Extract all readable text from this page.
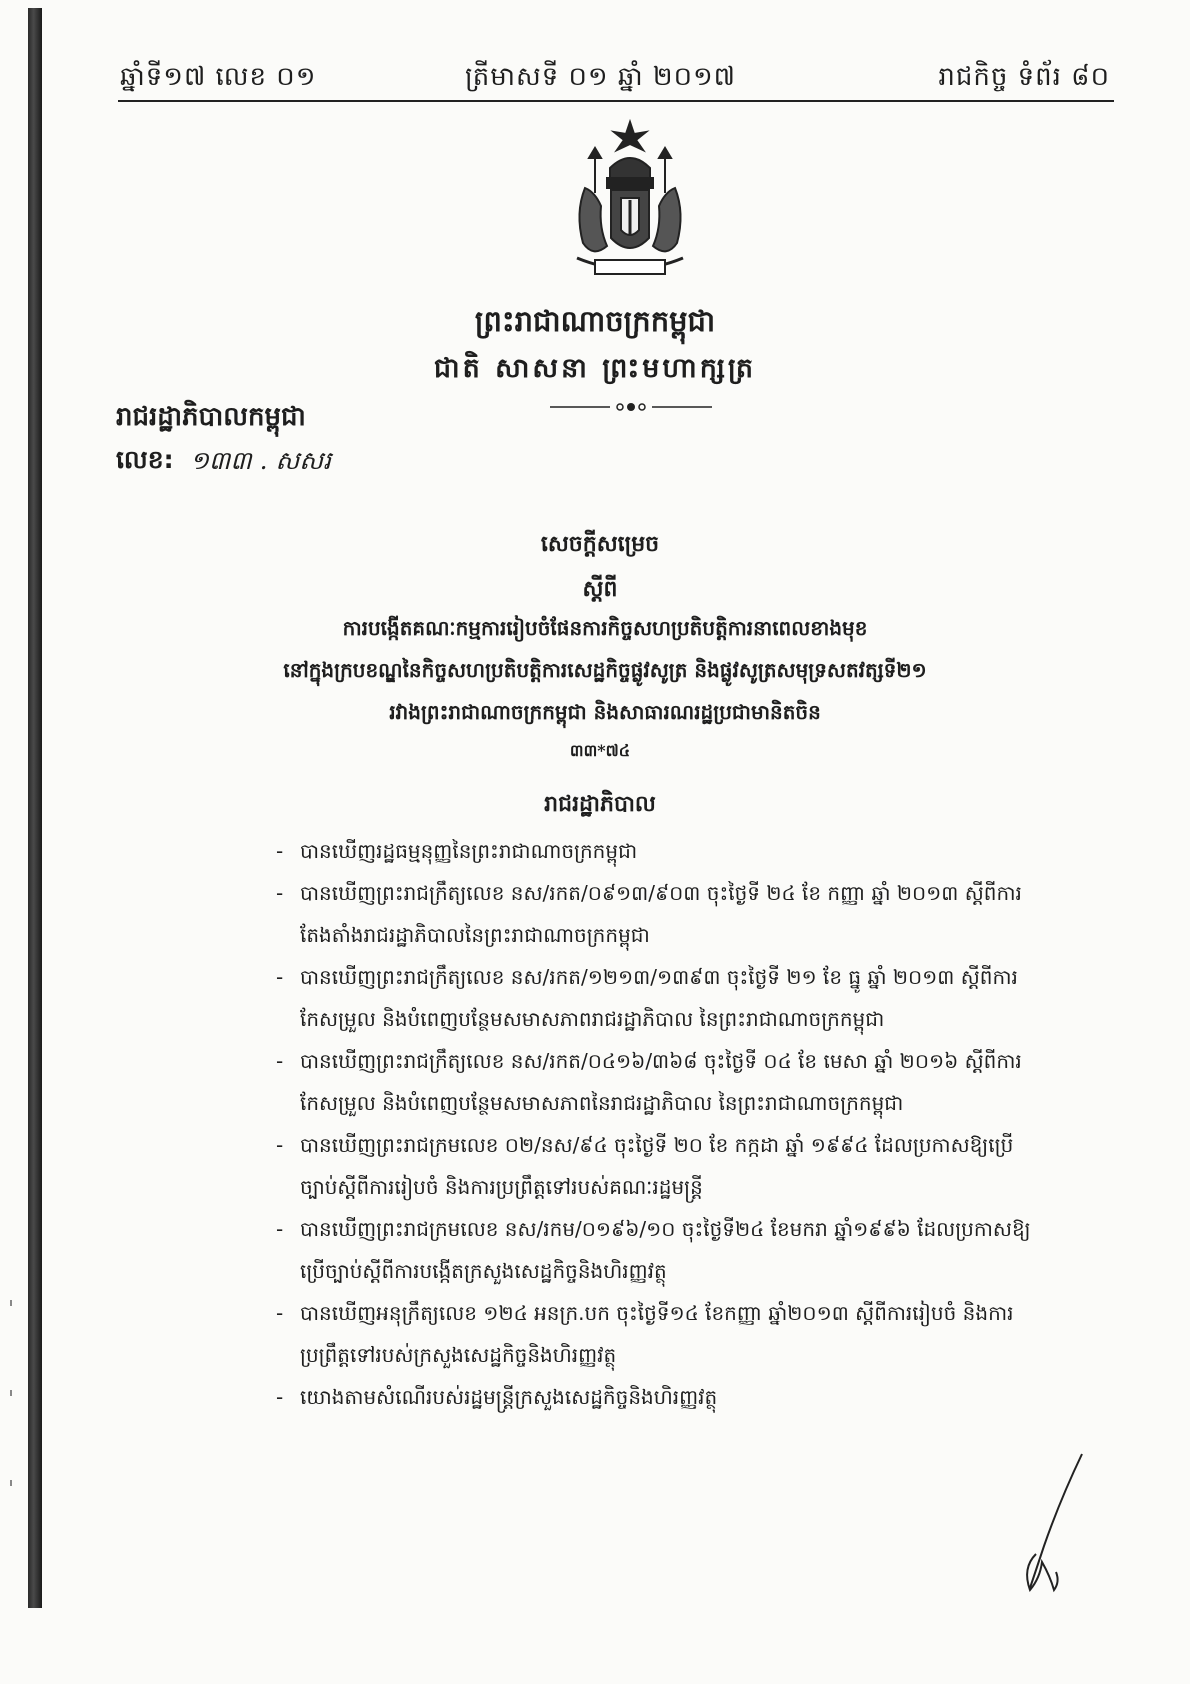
ឆ្នាំទី១៧ លេខ ០១	ត្រីមាសទី ០១ ឆ្នាំ ២០១៧	រាជកិច្ច ទំព័រ ៨០
ព្រះរាជាណាចក្រកម្ពុជា
ជាតិ សាសនា ព្រះមហាក្សត្រ
រាជរដ្ឋាភិបាលកម្ពុជា
លេខ: ១៣៣ . សសរ
សេចក្តីសម្រេច
ស្តីពី
ការបង្កើតគណៈកម្មការរៀបចំផែនការកិច្ចសហប្រតិបត្តិការនាពេលខាងមុខ
នៅក្នុងក្របខណ្ឌនៃកិច្ចសហប្រតិបត្តិការសេដ្ឋកិច្ចផ្លូវសូត្រ និងផ្លូវសូត្រសមុទ្រសតវត្សទី២១
រវាងព្រះរាជាណាចក្រកម្ពុជា និងសាធារណរដ្ឋប្រជាមានិតចិន
៣៣*៧៤
រាជរដ្ឋាភិបាល
- បានឃើញរដ្ឋធម្មនុញ្ញនៃព្រះរាជាណាចក្រកម្ពុជា
- បានឃើញព្រះរាជក្រឹត្យលេខ នស/រកត/០៩១៣/៩០៣ ចុះថ្ងៃទី ២៤ ខែ កញ្ញា ឆ្នាំ ២០១៣ ស្តីពីការ
តែងតាំងរាជរដ្ឋាភិបាលនៃព្រះរាជាណាចក្រកម្ពុជា
- បានឃើញព្រះរាជក្រឹត្យលេខ នស/រកត/១២១៣/១៣៩៣ ចុះថ្ងៃទី ២១ ខែ ធ្នូ ឆ្នាំ ២០១៣ ស្តីពីការ
កែសម្រួល និងបំពេញបន្ថែមសមាសភាពរាជរដ្ឋាភិបាល នៃព្រះរាជាណាចក្រកម្ពុជា
- បានឃើញព្រះរាជក្រឹត្យលេខ នស/រកត/០៤១៦/៣៦៨ ចុះថ្ងៃទី ០៤ ខែ មេសា ឆ្នាំ ២០១៦ ស្តីពីការ
កែសម្រួល និងបំពេញបន្ថែមសមាសភាពនៃរាជរដ្ឋាភិបាល នៃព្រះរាជាណាចក្រកម្ពុជា
- បានឃើញព្រះរាជក្រមលេខ ០២/នស/៩៤ ចុះថ្ងៃទី ២០ ខែ កក្កដា ឆ្នាំ ១៩៩៤ ដែលប្រកាសឱ្យប្រើ
ច្បាប់ស្តីពីការរៀបចំ និងការប្រព្រឹត្តទៅរបស់គណៈរដ្ឋមន្ត្រី
- បានឃើញព្រះរាជក្រមលេខ នស/រកម/០១៩៦/១០ ចុះថ្ងៃទី២៤ ខែមករា ឆ្នាំ១៩៩៦ ដែលប្រកាសឱ្យ
ប្រើច្បាប់ស្តីពីការបង្កើតក្រសួងសេដ្ឋកិច្ចនិងហិរញ្ញវត្ថុ
- បានឃើញអនុក្រឹត្យលេខ ១២៤ អនក្រ.បក ចុះថ្ងៃទី១៤ ខែកញ្ញា ឆ្នាំ២០១៣ ស្តីពីការរៀបចំ និងការ
ប្រព្រឹត្តទៅរបស់ក្រសួងសេដ្ឋកិច្ចនិងហិរញ្ញវត្ថុ
- យោងតាមសំណើរបស់រដ្ឋមន្ត្រីក្រសួងសេដ្ឋកិច្ចនិងហិរញ្ញវត្ថុ
